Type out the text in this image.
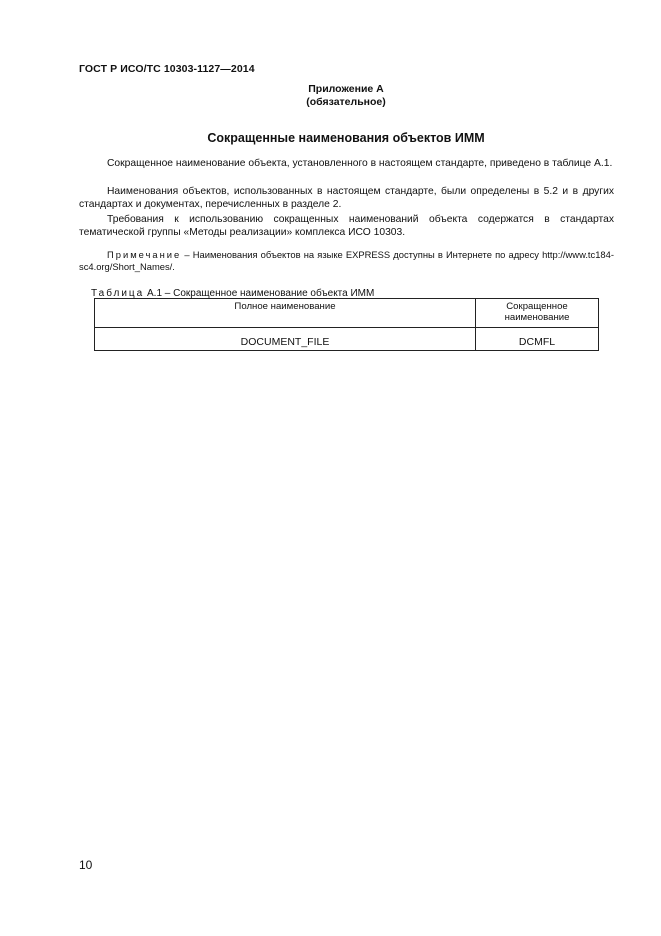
ГОСТ Р ИСО/ТС 10303-1127—2014
Приложение А
(обязательное)
Сокращенные наименования объектов ИММ

Сокращенное наименование объекта, установленного в настоящем стандарте, приведено в таблице А.1.

Наименования объектов, использованных в настоящем стандарте, были определены в 5.2 и в других стандартах и документах, перечисленных в разделе 2.

Требования к использованию сокращенных наименований объекта содержатся в стандартах тематической группы «Методы реализации» комплекса ИСО 10303.

Примечание – Наименования объектов на языке EXPRESS доступны в Интернете по адресу http://www.tc184-sc4.org/Short_Names/.

Таблица А.1 – Сокращенное наименование объекта ИММ
Полное наименование	Сокращенное наименование
DOCUMENT_FILE	DCMFL
10
